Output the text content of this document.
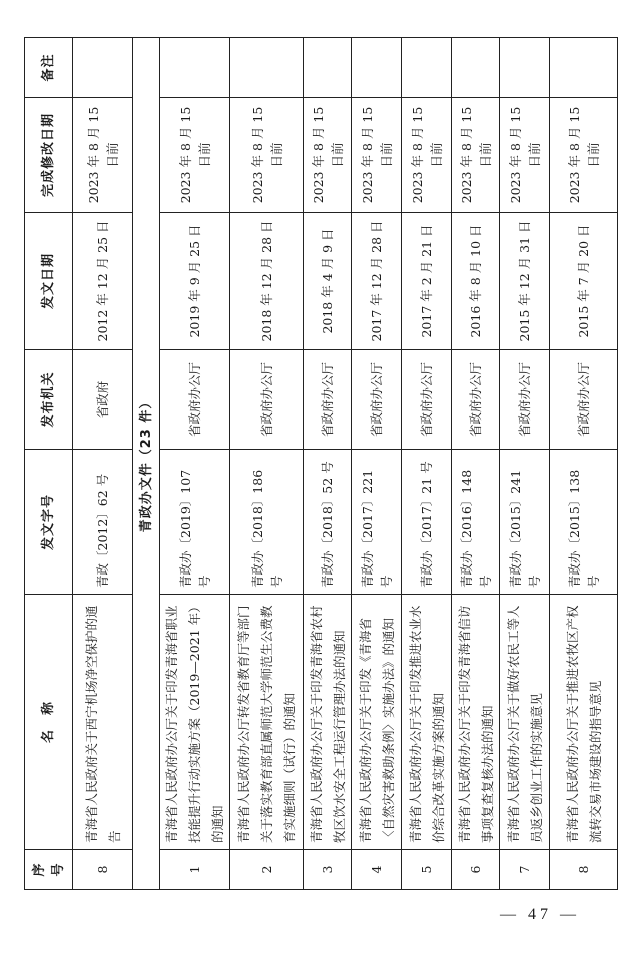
序号	名　称	发文字号	发布机关	发文日期	完成修改日期	备注
8	青海省人民政府关于西宁机场净空保护的通告	青政〔2012〕62 号	省政府	2012 年 12 月 25 日	2023 年 8 月 15 日前	
青政办文件（23 件）						
1	青海省人民政府办公厅关于印发青海省职业技能提升行动实施方案（2019—2021 年）的通知	青政办〔2019〕107 号	省政府办公厅	2019 年 9 月 25 日	2023 年 8 月 15 日前	
2	青海省人民政府办公厅转发省教育厅等部门关于落实教育部直属师范大学师范生公费教育实施细则（试行）的通知	青政办〔2018〕186 号	省政府办公厅	2018 年 12 月 28 日	2023 年 8 月 15 日前	
3	青海省人民政府办公厅关于印发青海省农村牧区饮水安全工程运行管理办法的通知	青政办〔2018〕52 号	省政府办公厅	2018 年 4 月 9 日	2023 年 8 月 15 日前	
4	青海省人民政府办公厅关于印发《青海省〈自然灾害救助条例〉实施办法》的通知	青政办〔2017〕221 号	省政府办公厅	2017 年 12 月 28 日	2023 年 8 月 15 日前	
5	青海省人民政府办公厅关于印发推进农业水价综合改革实施方案的通知	青政办〔2017〕21 号	省政府办公厅	2017 年 2 月 21 日	2023 年 8 月 15 日前	
6	青海省人民政府办公厅关于印发青海省信访事项复查复核办法的通知	青政办〔2016〕148 号	省政府办公厅	2016 年 8 月 10 日	2023 年 8 月 15 日前	
7	青海省人民政府办公厅关于做好农民工等人员返乡创业工作的实施意见	青政办〔2015〕241 号	省政府办公厅	2015 年 12 月 31 日	2023 年 8 月 15 日前	
8	青海省人民政府办公厅关于推进农牧区产权流转交易市场建设的指导意见	青政办〔2015〕138 号	省政府办公厅	2015 年 7 月 20 日	2023 年 8 月 15 日前	
— 47 —
